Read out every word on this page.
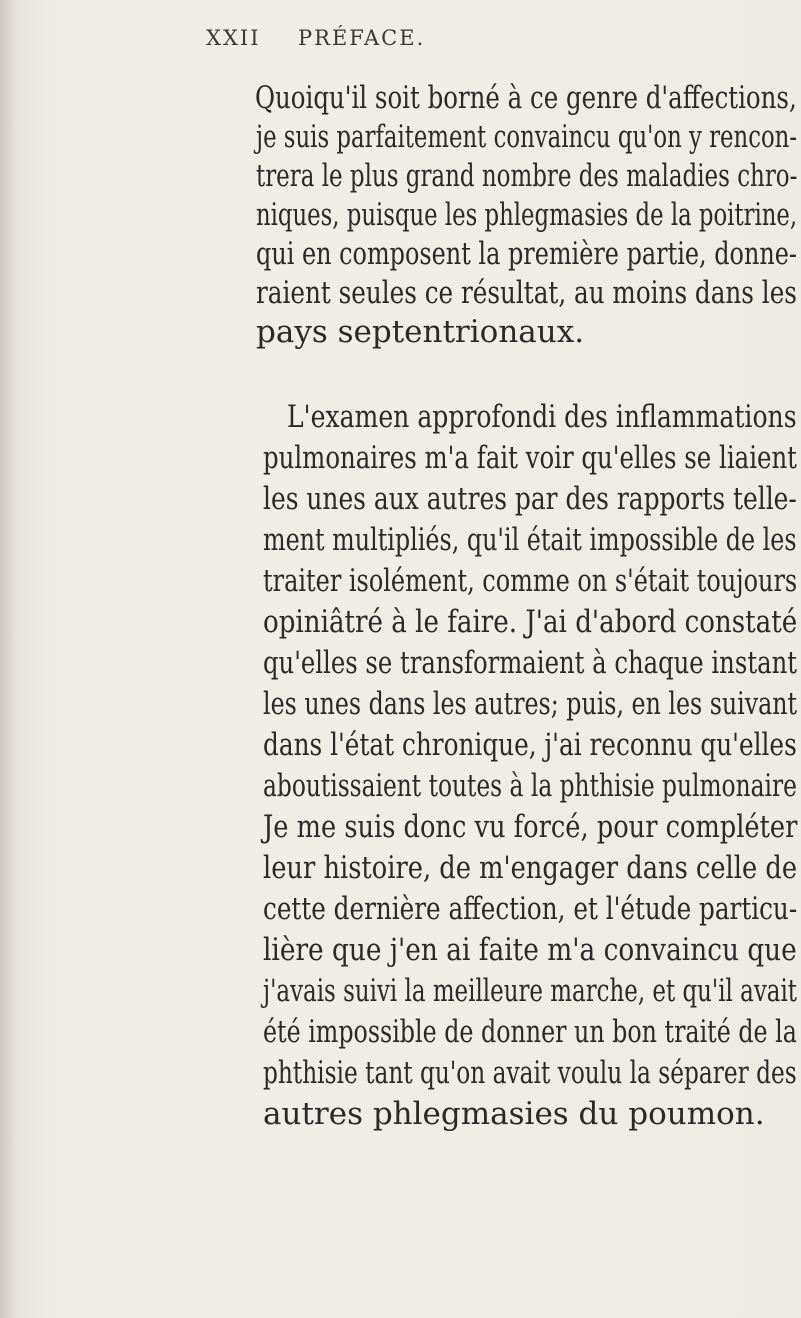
XXII PRÉFACE.
Quoiqu'il soit borné à ce genre d'affections,
je suis parfaitement convaincu qu'on y rencon-
trera le plus grand nombre des maladies chro-
niques, puisque les phlegmasies de la poitrine,
qui en composent la première partie, donne-
raient seules ce résultat, au moins dans les
pays septentrionaux.
L'examen approfondi des inflammations
pulmonaires m'a fait voir qu'elles se liaient
les unes aux autres par des rapports telle-
ment multipliés, qu'il était impossible de les
traiter isolément, comme on s'était toujours
opiniâtré à le faire. J'ai d'abord constaté
qu'elles se transformaient à chaque instant
les unes dans les autres; puis, en les suivant
dans l'état chronique, j'ai reconnu qu'elles
aboutissaient toutes à la phthisie pulmonaire
Je me suis donc vu forcé, pour compléter
leur histoire, de m'engager dans celle de
cette dernière affection, et l'étude particu-
lière que j'en ai faite m'a convaincu que
j'avais suivi la meilleure marche, et qu'il avait
été impossible de donner un bon traité de la
phthisie tant qu'on avait voulu la séparer des
autres phlegmasies du poumon.
